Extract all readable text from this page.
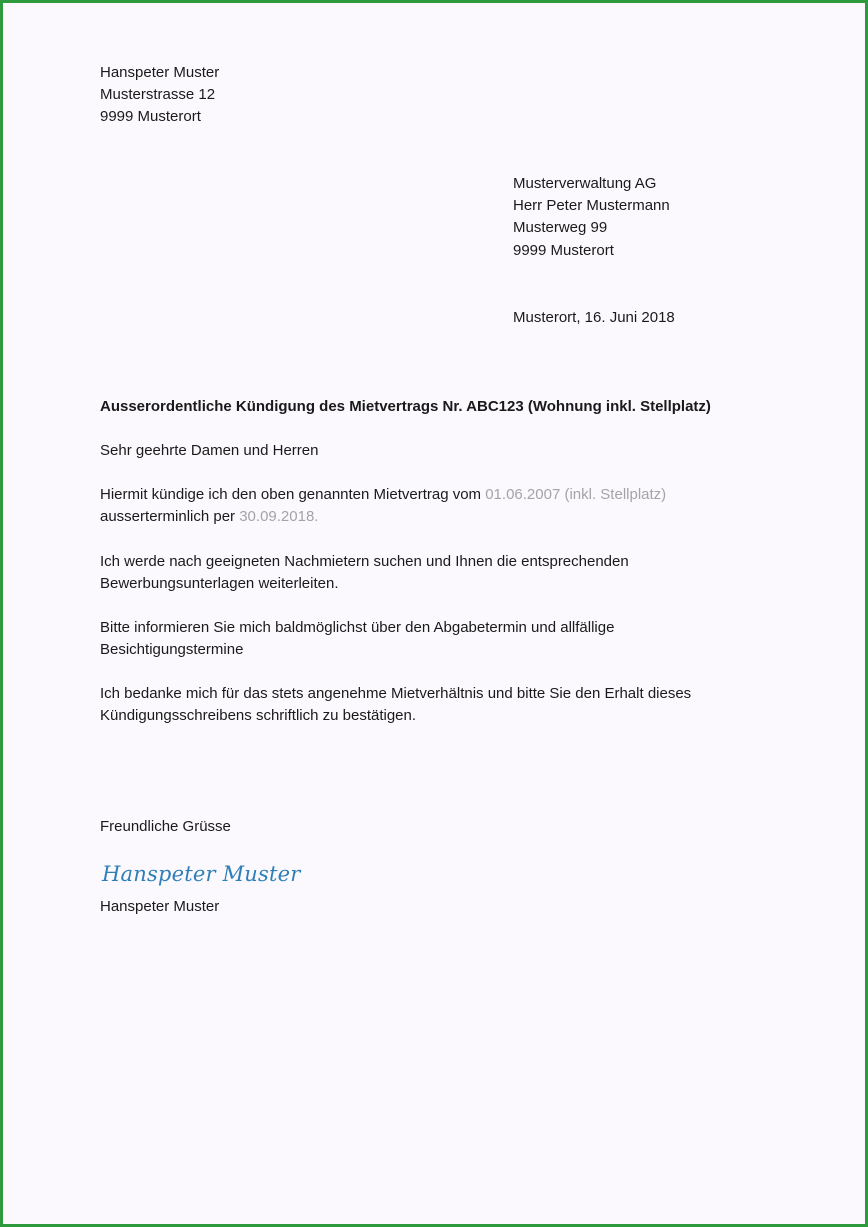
Hanspeter Muster
Musterstrasse 12
9999 Musterort
Musterverwaltung AG
Herr Peter Mustermann
Musterweg 99
9999 Musterort
Musterort, 16. Juni 2018
Ausserordentliche Kündigung des Mietvertrags Nr. ABC123 (Wohnung inkl. Stellplatz)
Sehr geehrte Damen und Herren
Hiermit kündige ich den oben genannten Mietvertrag vom 01.06.2007 (inkl. Stellplatz)
ausserterminlich per 30.09.2018.
Ich werde nach geeigneten Nachmietern suchen und Ihnen die entsprechenden
Bewerbungsunterlagen weiterleiten.
Bitte informieren Sie mich baldmöglichst über den Abgabetermin und allfällige
Besichtigungstermine
Ich bedanke mich für das stets angenehme Mietverhältnis und bitte Sie den Erhalt dieses
Kündigungsschreibens schriftlich zu bestätigen.
Freundliche Grüsse
Hanspeter Muster
Hanspeter Muster
